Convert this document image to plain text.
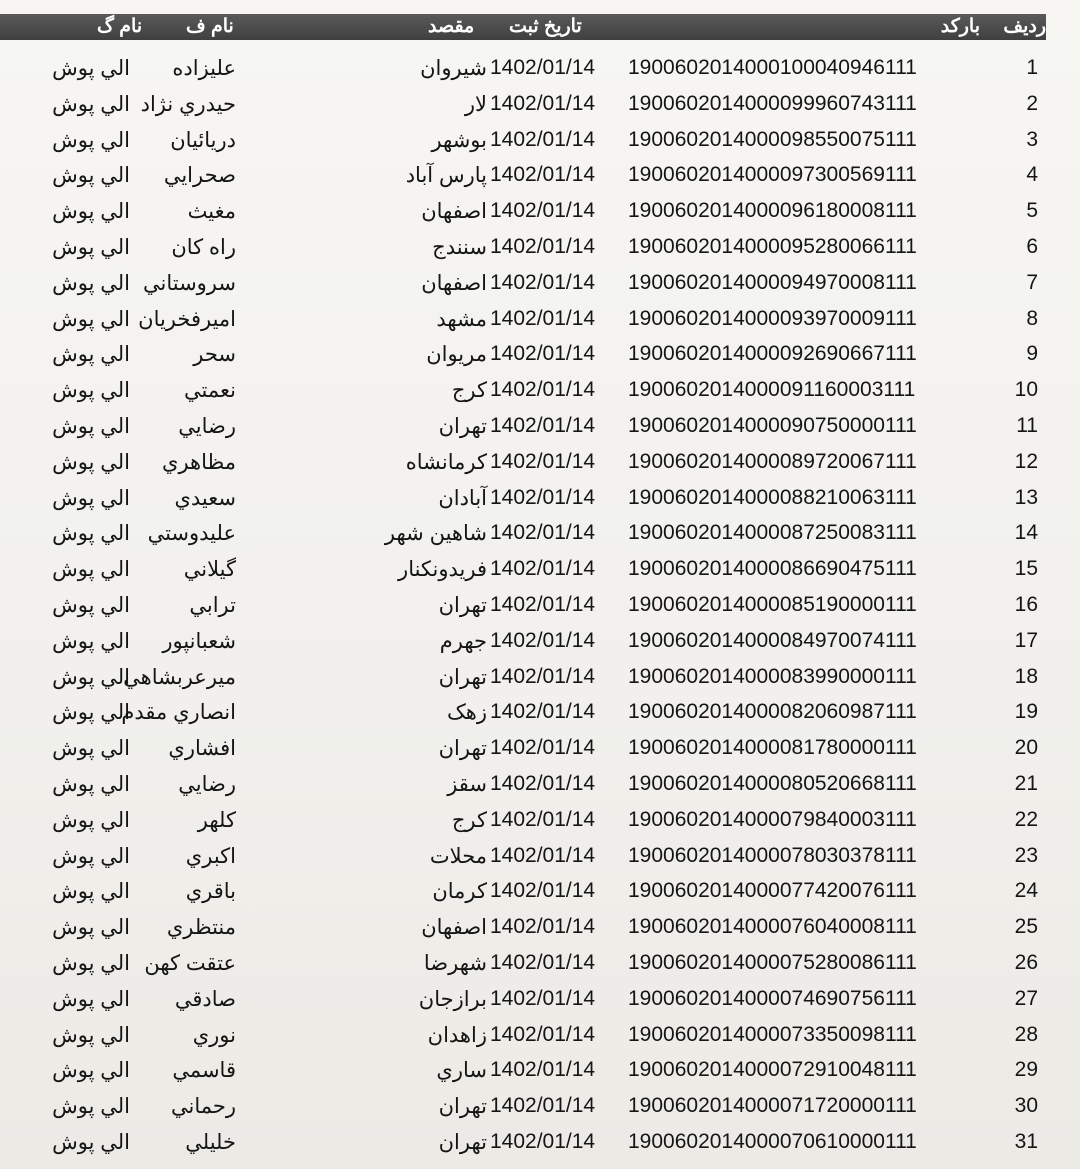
ردیف
بارکد
تاریخ ثبت
مقصد
نام ف
نام گ
1
1900602014000100040946111
1402/01/14
شيروان
عليزاده
الي پوش
2
1900602014000099960743111
1402/01/14
لار
حيدري نژاد
الي پوش
3
1900602014000098550075111
1402/01/14
بوشهر
دريائيان
الي پوش
4
1900602014000097300569111
1402/01/14
پارس آباد
صحرايي
الي پوش
5
1900602014000096180008111
1402/01/14
اصفهان
مغيث
الي پوش
6
1900602014000095280066111
1402/01/14
سنندج
راه كان
الي پوش
7
1900602014000094970008111
1402/01/14
اصفهان
سروستاني
الي پوش
8
1900602014000093970009111
1402/01/14
مشهد
اميرفخريان
الي پوش
9
1900602014000092690667111
1402/01/14
مريوان
سحر
الي پوش
10
1900602014000091160003111
1402/01/14
كرج
نعمتي
الي پوش
11
1900602014000090750000111
1402/01/14
تهران
رضايي
الي پوش
12
1900602014000089720067111
1402/01/14
كرمانشاه
مظاهري
الي پوش
13
1900602014000088210063111
1402/01/14
آبادان
سعيدي
الي پوش
14
1900602014000087250083111
1402/01/14
شاهين شهر
عليدوستي
الي پوش
15
1900602014000086690475111
1402/01/14
فريدونكنار
گيلاني
الي پوش
16
1900602014000085190000111
1402/01/14
تهران
ترابي
الي پوش
17
1900602014000084970074111
1402/01/14
جهرم
شعبانپور
الي پوش
18
1900602014000083990000111
1402/01/14
تهران
ميرعربشاهي
الي پوش
19
1900602014000082060987111
1402/01/14
زهک
انصاري مقدم
الي پوش
20
1900602014000081780000111
1402/01/14
تهران
افشاري
الي پوش
21
1900602014000080520668111
1402/01/14
سقز
رضايي
الي پوش
22
1900602014000079840003111
1402/01/14
كرج
كلهر
الي پوش
23
1900602014000078030378111
1402/01/14
محلات
اكبري
الي پوش
24
1900602014000077420076111
1402/01/14
كرمان
باقري
الي پوش
25
1900602014000076040008111
1402/01/14
اصفهان
منتظري
الي پوش
26
1900602014000075280086111
1402/01/14
شهرضا
عتقت كهن
الي پوش
27
1900602014000074690756111
1402/01/14
برازجان
صادقي
الي پوش
28
1900602014000073350098111
1402/01/14
زاهدان
نوري
الي پوش
29
1900602014000072910048111
1402/01/14
ساري
قاسمي
الي پوش
30
1900602014000071720000111
1402/01/14
تهران
رحماني
الي پوش
31
1900602014000070610000111
1402/01/14
تهران
خليلي
الي پوش
